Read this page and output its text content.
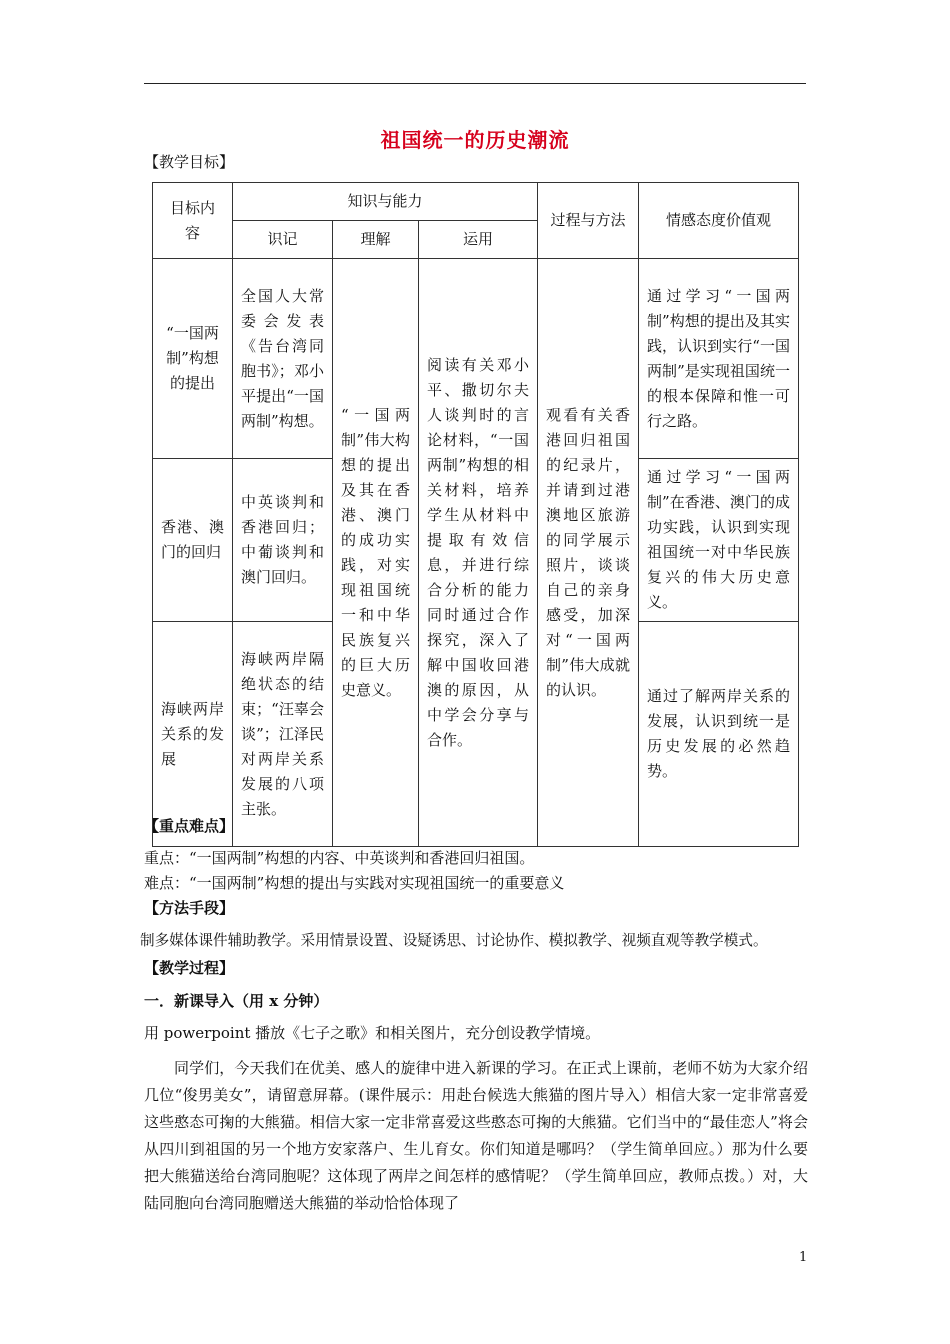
祖国统一的历史潮流
【教学目标】
目标内容	知识与能力			过程与方法	情感态度价值观
	识记	理解	运用		
“一国两制”构想的提出	全国人大常委会发表《告台湾同胞书》；邓小平提出“一国两制”构想。	“一国两制”伟大构想的提出及其在香港、澳门的成功实践，对实现祖国统一和中华民族复兴的巨大历史意义。	阅读有关邓小平、撒切尔夫人谈判时的言论材料，“一国两制”构想的相关材料，培养学生从材料中提取有效信息，并进行综合分析的能力同时通过合作探究，深入了解中国收回港澳的原因，从中学会分享与合作。	观看有关香港回归祖国的纪录片，并请到过港澳地区旅游的同学展示照片，谈谈自己的亲身感受，加深对“一国两制”伟大成就的认识。	通过学习“一国两制”构想的提出及其实践，认识到实行“一国两制”是实现祖国统一的根本保障和惟一可行之路。
香港、澳门的回归	中英谈判和香港回归；中葡谈判和澳门回归。				通过学习“一国两制”在香港、澳门的成功实践，认识到实现祖国统一对中华民族复兴的伟大历史意义。
海峡两岸关系的发展	海峡两岸隔绝状态的结束；“汪辜会谈”；江泽民对两岸关系发展的八项主张。				通过了解两岸关系的发展，认识到统一是历史发展的必然趋势。
【重点难点】
重点：“一国两制”构想的内容、中英谈判和香港回归祖国。
难点：“一国两制”构想的提出与实践对实现祖国统一的重要意义
【方法手段】
制多媒体课件辅助教学。采用情景设置、设疑诱思、讨论协作、模拟教学、视频直观等教学模式。
【教学过程】
一．新课导入（用 x 分钟）
用 powerpoint 播放《七子之歌》和相关图片，充分创设教学情境。
同学们，今天我们在优美、感人的旋律中进入新课的学习。在正式上课前，老师不妨为大家介绍几位“俊男美女”，请留意屏幕。(课件展示：用赴台候选大熊猫的图片导入）相信大家一定非常喜爱这些憨态可掬的大熊猫。相信大家一定非常喜爱这些憨态可掬的大熊猫。它们当中的“最佳恋人”将会从四川到祖国的另一个地方安家落户、生儿育女。你们知道是哪吗？（学生简单回应。）那为什么要把大熊猫送给台湾同胞呢？这体现了两岸之间怎样的感情呢？（学生简单回应，教师点拨。）对，大陆同胞向台湾同胞赠送大熊猫的举动恰恰体现了
1
